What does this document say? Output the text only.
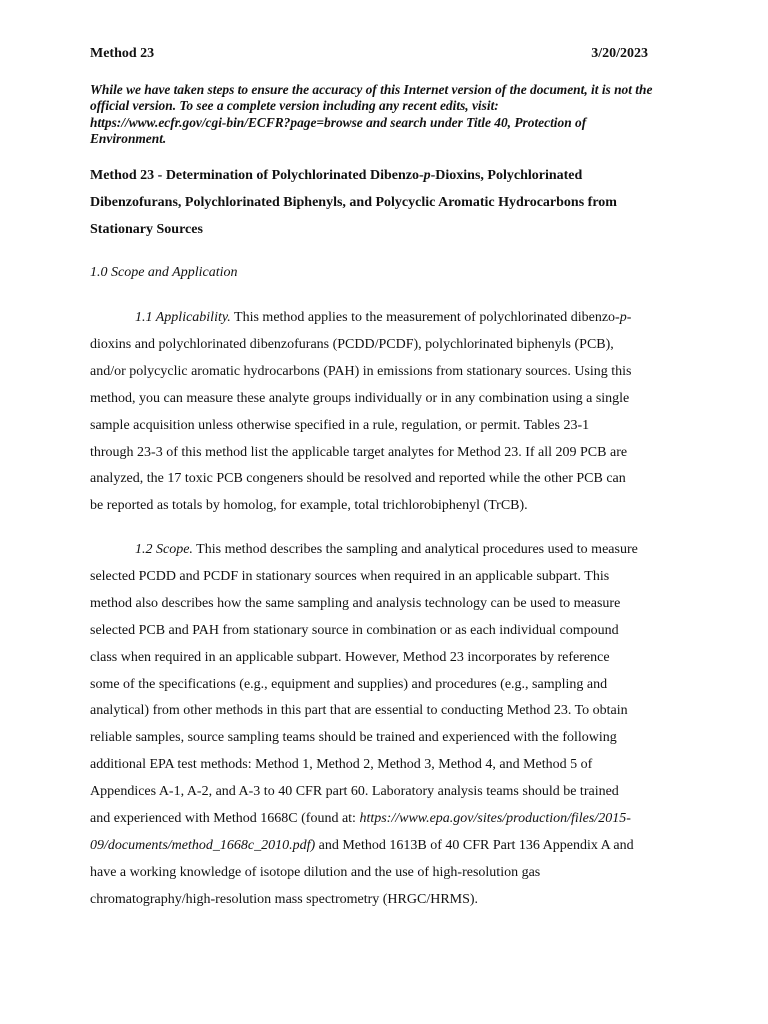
Method 23	3/20/2023
While we have taken steps to ensure the accuracy of this Internet version of the document, it is not the
official version. To see a complete version including any recent edits, visit:
https://www.ecfr.gov/cgi-bin/ECFR?page=browse and search under Title 40, Protection of
Environment.
Method 23 - Determination of Polychlorinated Dibenzo-p-Dioxins, Polychlorinated
Dibenzofurans, Polychlorinated Biphenyls, and Polycyclic Aromatic Hydrocarbons from
Stationary Sources
1.0 Scope and Application
1.1 Applicability. This method applies to the measurement of polychlorinated dibenzo-p-
dioxins and polychlorinated dibenzofurans (PCDD/PCDF), polychlorinated biphenyls (PCB),
and/or polycyclic aromatic hydrocarbons (PAH) in emissions from stationary sources. Using this
method, you can measure these analyte groups individually or in any combination using a single
sample acquisition unless otherwise specified in a rule, regulation, or permit. Tables 23-1
through 23-3 of this method list the applicable target analytes for Method 23. If all 209 PCB are
analyzed, the 17 toxic PCB congeners should be resolved and reported while the other PCB can
be reported as totals by homolog, for example, total trichlorobiphenyl (TrCB).
1.2 Scope. This method describes the sampling and analytical procedures used to measure
selected PCDD and PCDF in stationary sources when required in an applicable subpart. This
method also describes how the same sampling and analysis technology can be used to measure
selected PCB and PAH from stationary source in combination or as each individual compound
class when required in an applicable subpart. However, Method 23 incorporates by reference
some of the specifications (e.g., equipment and supplies) and procedures (e.g., sampling and
analytical) from other methods in this part that are essential to conducting Method 23. To obtain
reliable samples, source sampling teams should be trained and experienced with the following
additional EPA test methods: Method 1, Method 2, Method 3, Method 4, and Method 5 of
Appendices A-1, A-2, and A-3 to 40 CFR part 60. Laboratory analysis teams should be trained
and experienced with Method 1668C (found at: https://www.epa.gov/sites/production/files/2015-
09/documents/method_1668c_2010.pdf) and Method 1613B of 40 CFR Part 136 Appendix A and
have a working knowledge of isotope dilution and the use of high-resolution gas
chromatography/high-resolution mass spectrometry (HRGC/HRMS).
